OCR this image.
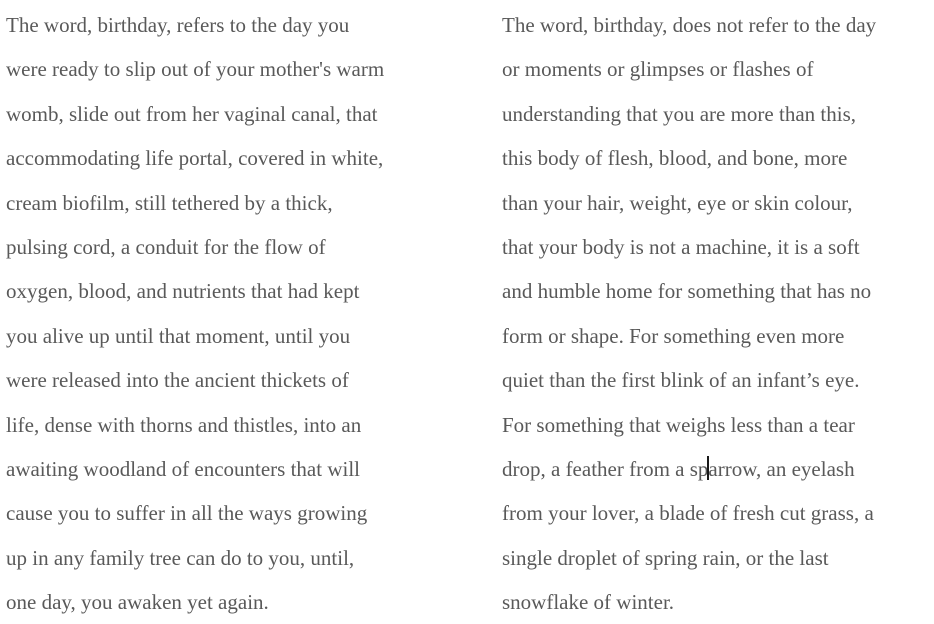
The word, birthday, refers to the day you
were ready to slip out of your mother's warm
womb, slide out from her vaginal canal, that
accommodating life portal, covered in white,
cream biofilm, still tethered by a thick,
pulsing cord, a conduit for the flow of
oxygen, blood, and nutrients that had kept
you alive up until that moment, until you
were released into the ancient thickets of
life, dense with thorns and thistles, into an
awaiting woodland of encounters that will
cause you to suffer in all the ways growing
up in any family tree can do to you, until,
one day, you awaken yet again.
The word, birthday, does not refer to the day
or moments or glimpses or flashes of
understanding that you are more than this,
this body of flesh, blood, and bone, more
than your hair, weight, eye or skin colour,
that your body is not a machine, it is a soft
and humble home for something that has no
form or shape. For something even more
quiet than the first blink of an infant’s eye.
For something that weighs less than a tear
drop, a feather from a sparrow, an eyelash
from your lover, a blade of fresh cut grass, a
single droplet of spring rain, or the last
snowflake of winter.
